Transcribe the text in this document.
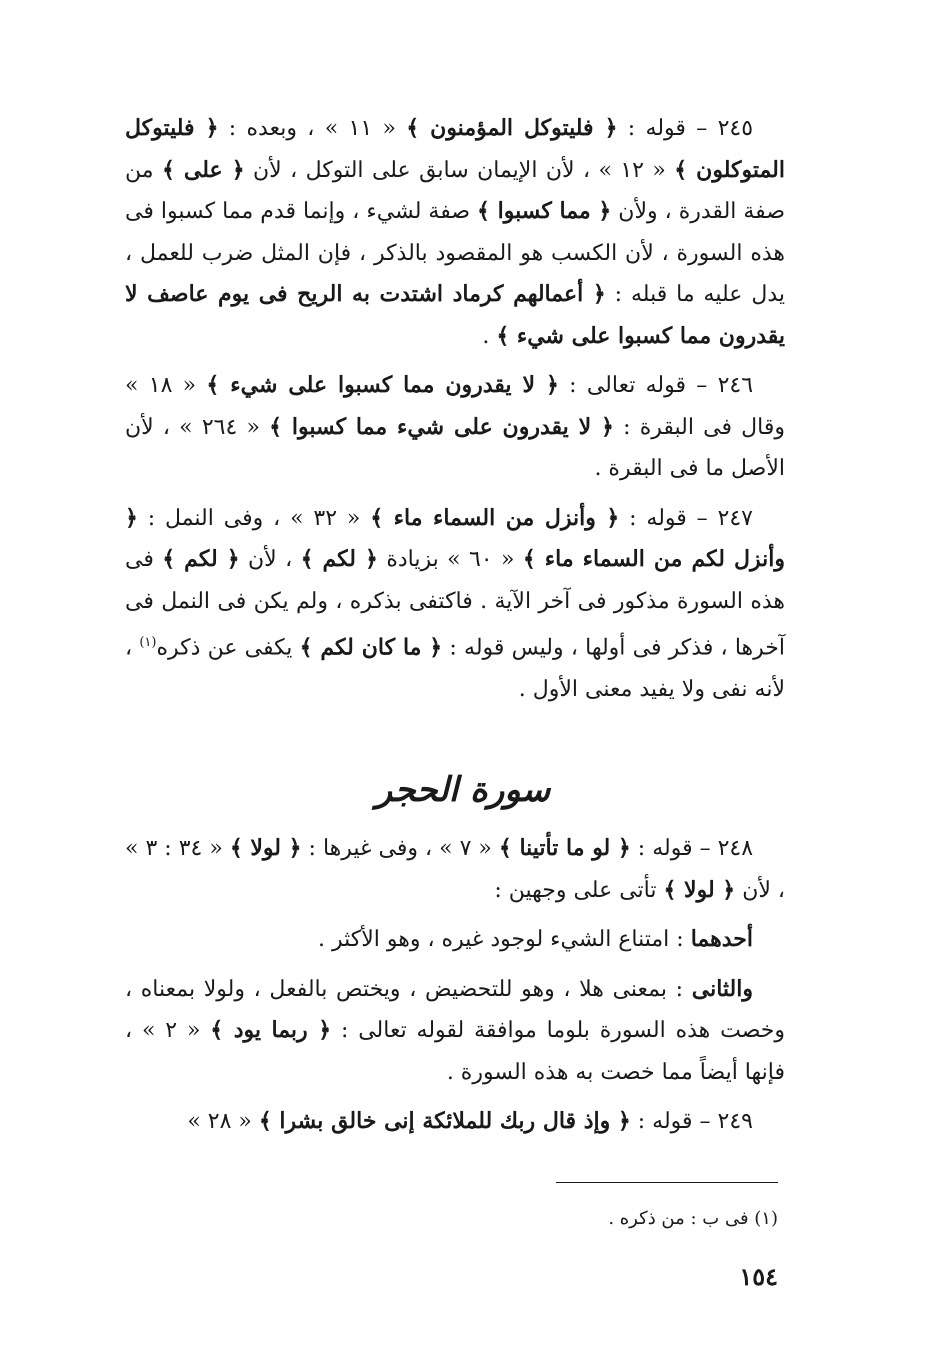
٢٤٥ – قوله : ﴿ فليتوكل المؤمنون ﴾ « ١١ » ، وبعده : ﴿ فليتوكل المتوكلون ﴾ « ١٢ » ، لأن الإيمان سابق على التوكل ، لأن ﴿ على ﴾ من صفة القدرة ، ولأن ﴿ مما كسبوا ﴾ صفة لشيء ، وإنما قدم مما كسبوا فى هذه السورة ، لأن الكسب هو المقصود بالذكر ، فإن المثل ضرب للعمل ، يدل عليه ما قبله : ﴿ أعمالهم كرماد اشتدت به الريح فى يوم عاصف لا يقدرون مما كسبوا على شيء ﴾ .

٢٤٦ – قوله تعالى : ﴿ لا يقدرون مما كسبوا على شيء ﴾ « ١٨ » وقال فى البقرة : ﴿ لا يقدرون على شيء مما كسبوا ﴾ « ٢٦٤ » ، لأن الأصل ما فى البقرة .

٢٤٧ – قوله : ﴿ وأنزل من السماء ماء ﴾ « ٣٢ » ، وفى النمل : ﴿ وأنزل لكم من السماء ماء ﴾ « ٦٠ » بزيادة ﴿ لكم ﴾ ، لأن ﴿ لكم ﴾ فى هذه السورة مذكور فى آخر الآية . فاكتفى بذكره ، ولم يكن فى النمل فى آخرها ، فذكر فى أولها ، وليس قوله : ﴿ ما كان لكم ﴾ يكفى عن ذكره$^{(١)}$ ، لأنه نفى ولا يفيد معنى الأول .

سورة الحجر

٢٤٨ – قوله : ﴿ لو ما تأتينا ﴾ « ٧ » ، وفى غيرها : ﴿ لولا ﴾ « ٣٤ : ٣ » ، لأن ﴿ لولا ﴾ تأتى على وجهين :

أحدهما : امتناع الشيء لوجود غيره ، وهو الأكثر .

والثانى : بمعنى هلا ، وهو للتحضيض ، ويختص بالفعل ، ولولا بمعناه ، وخصت هذه السورة بلوما موافقة لقوله تعالى : ﴿ ربما يود ﴾ « ٢ » ، فإنها أيضاً مما خصت به هذه السورة .

٢٤٩ – قوله : ﴿ وإذ قال ربك للملائكة إنى خالق بشرا ﴾ « ٢٨ »

(١) فى ب : من ذكره .
١٥٤
